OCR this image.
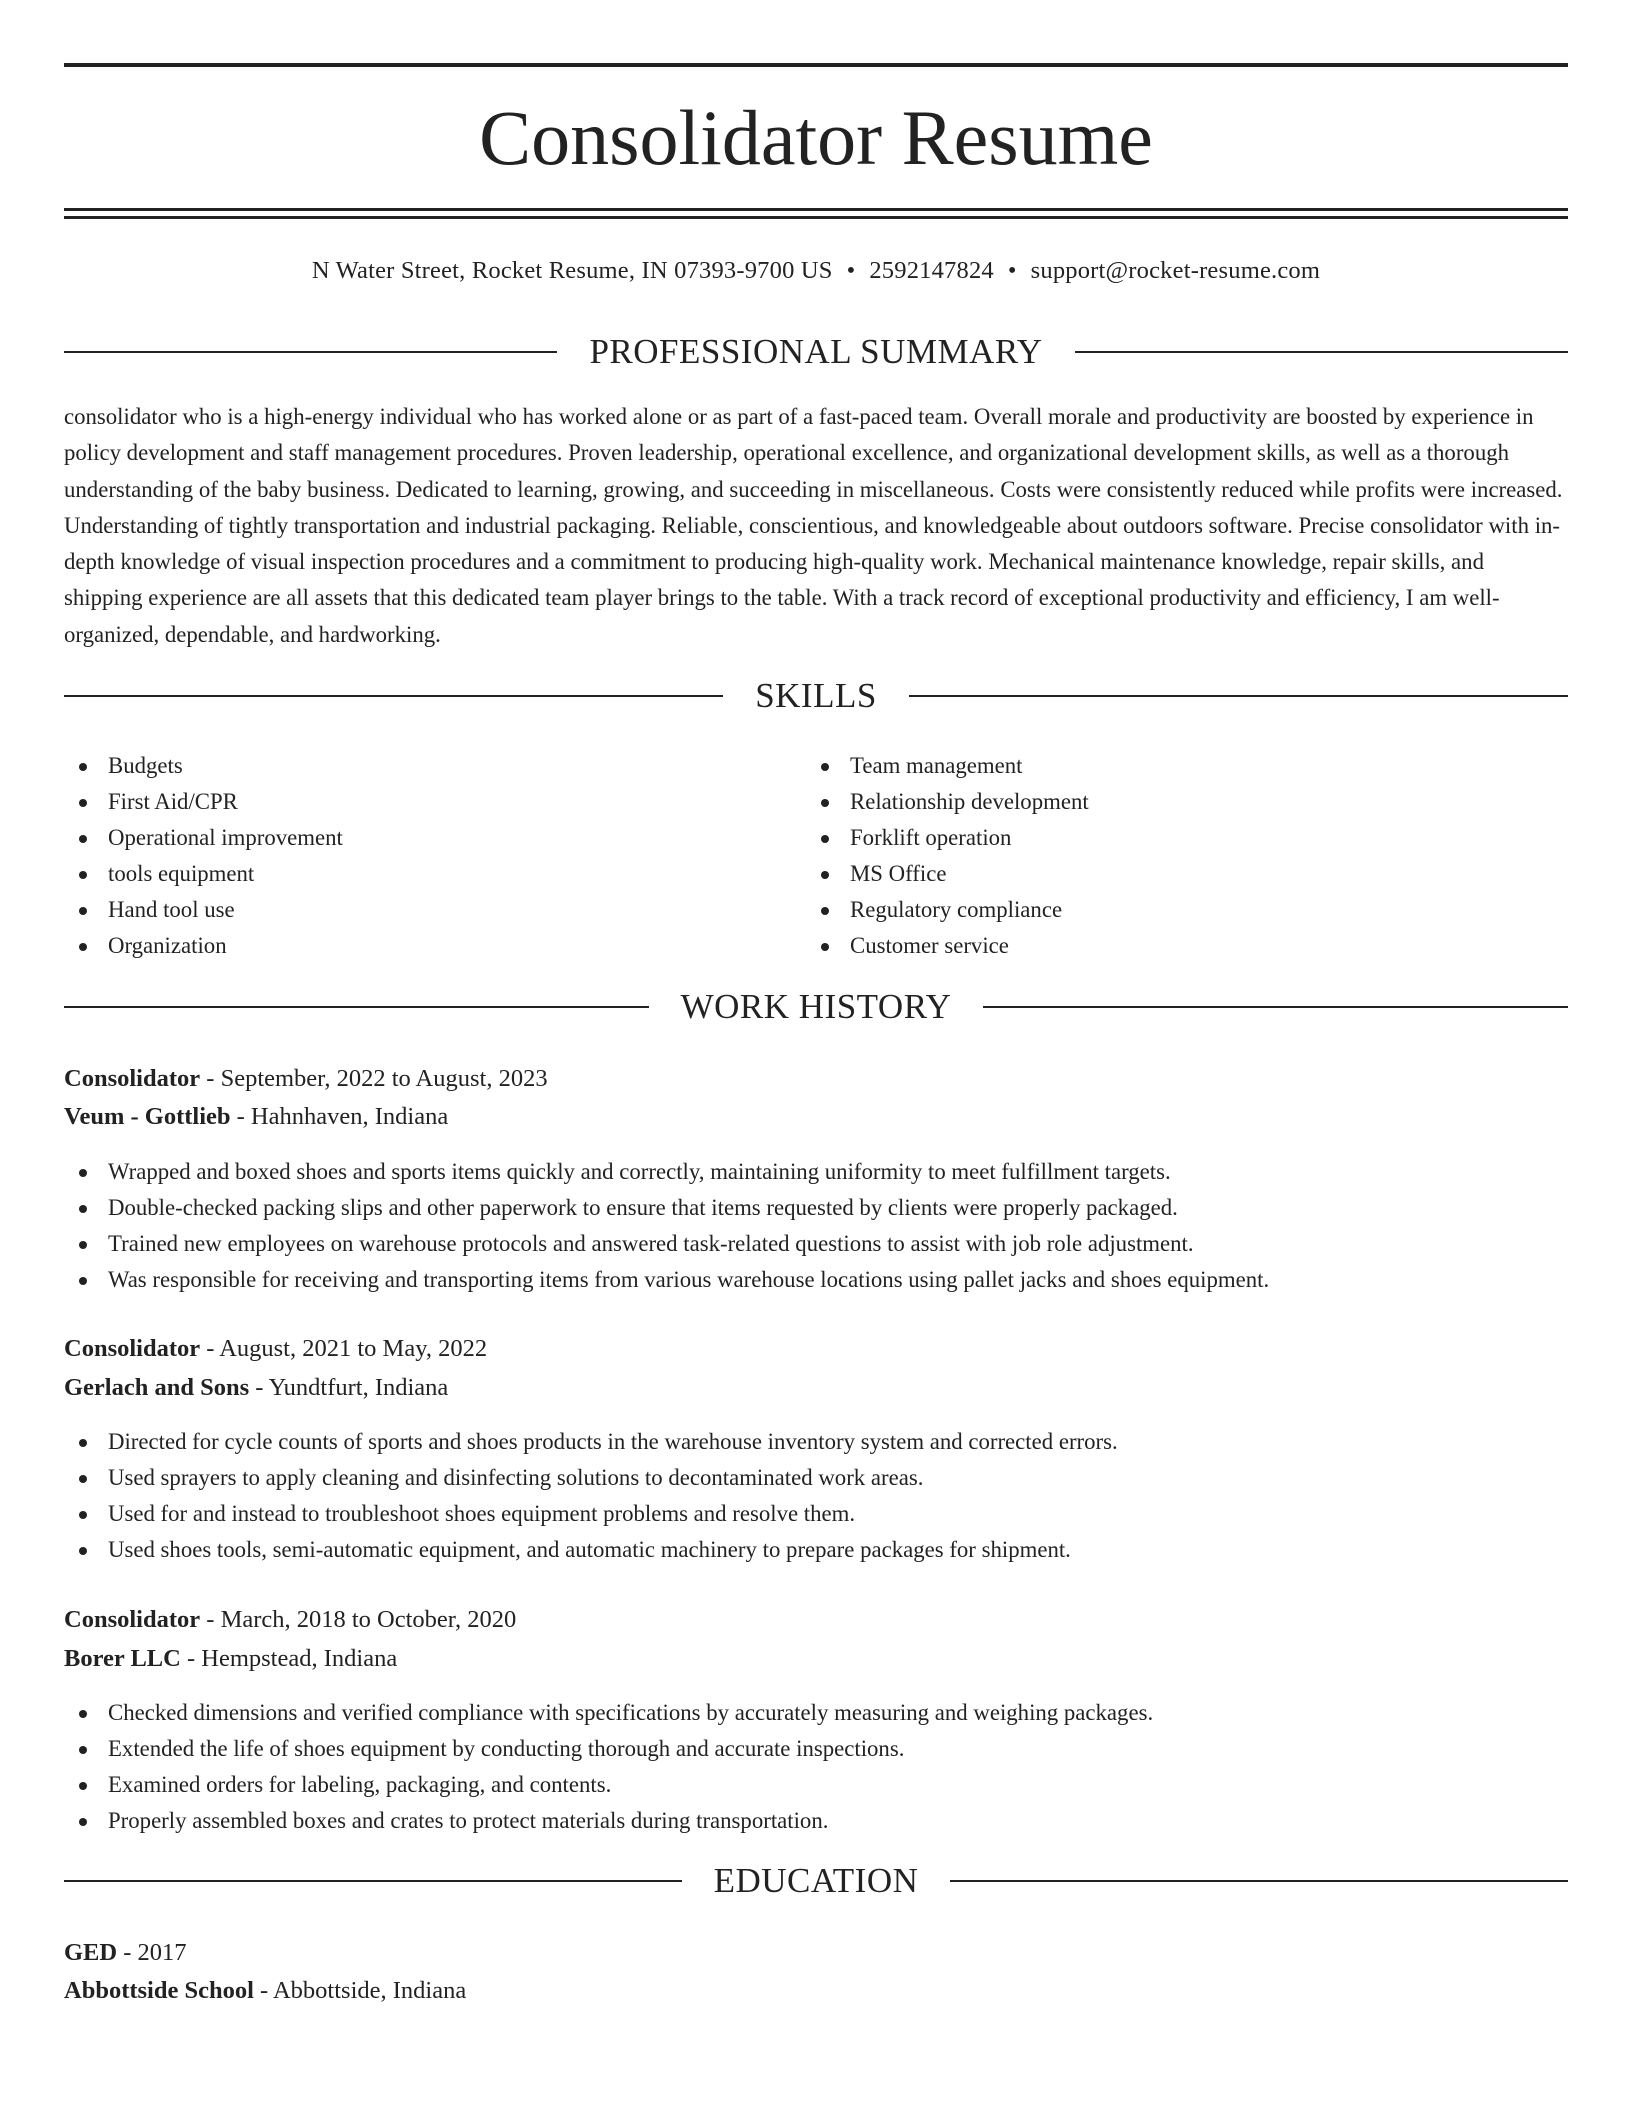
Consolidator Resume
N Water Street, Rocket Resume, IN 07393-9700 US • 2592147824 • support@rocket-resume.com
PROFESSIONAL SUMMARY

consolidator who is a high-energy individual who has worked alone or as part of a fast-paced team. Overall morale and productivity are boosted by experience in policy development and staff management procedures. Proven leadership, operational excellence, and organizational development skills, as well as a thorough understanding of the baby business. Dedicated to learning, growing, and succeeding in miscellaneous. Costs were consistently reduced while profits were increased. Understanding of tightly transportation and industrial packaging. Reliable, conscientious, and knowledgeable about outdoors software. Precise consolidator with in-depth knowledge of visual inspection procedures and a commitment to producing high-quality work. Mechanical maintenance knowledge, repair skills, and shipping experience are all assets that this dedicated team player brings to the table. With a track record of exceptional productivity and efficiency, I am well-organized, dependable, and hardworking.

SKILLS
Budgets
First Aid/CPR
Operational improvement
tools equipment
Hand tool use
Organization
Team management
Relationship development
Forklift operation
MS Office
Regulatory compliance
Customer service
WORK HISTORY
Consolidator - September, 2022 to August, 2023
Veum - Gottlieb - Hahnhaven, Indiana
Wrapped and boxed shoes and sports items quickly and correctly, maintaining uniformity to meet fulfillment targets.
Double-checked packing slips and other paperwork to ensure that items requested by clients were properly packaged.
Trained new employees on warehouse protocols and answered task-related questions to assist with job role adjustment.
Was responsible for receiving and transporting items from various warehouse locations using pallet jacks and shoes equipment.
Consolidator - August, 2021 to May, 2022
Gerlach and Sons - Yundtfurt, Indiana
Directed for cycle counts of sports and shoes products in the warehouse inventory system and corrected errors.
Used sprayers to apply cleaning and disinfecting solutions to decontaminated work areas.
Used for and instead to troubleshoot shoes equipment problems and resolve them.
Used shoes tools, semi-automatic equipment, and automatic machinery to prepare packages for shipment.
Consolidator - March, 2018 to October, 2020
Borer LLC - Hempstead, Indiana
Checked dimensions and verified compliance with specifications by accurately measuring and weighing packages.
Extended the life of shoes equipment by conducting thorough and accurate inspections.
Examined orders for labeling, packaging, and contents.
Properly assembled boxes and crates to protect materials during transportation.
EDUCATION
GED - 2017
Abbottside School - Abbottside, Indiana
